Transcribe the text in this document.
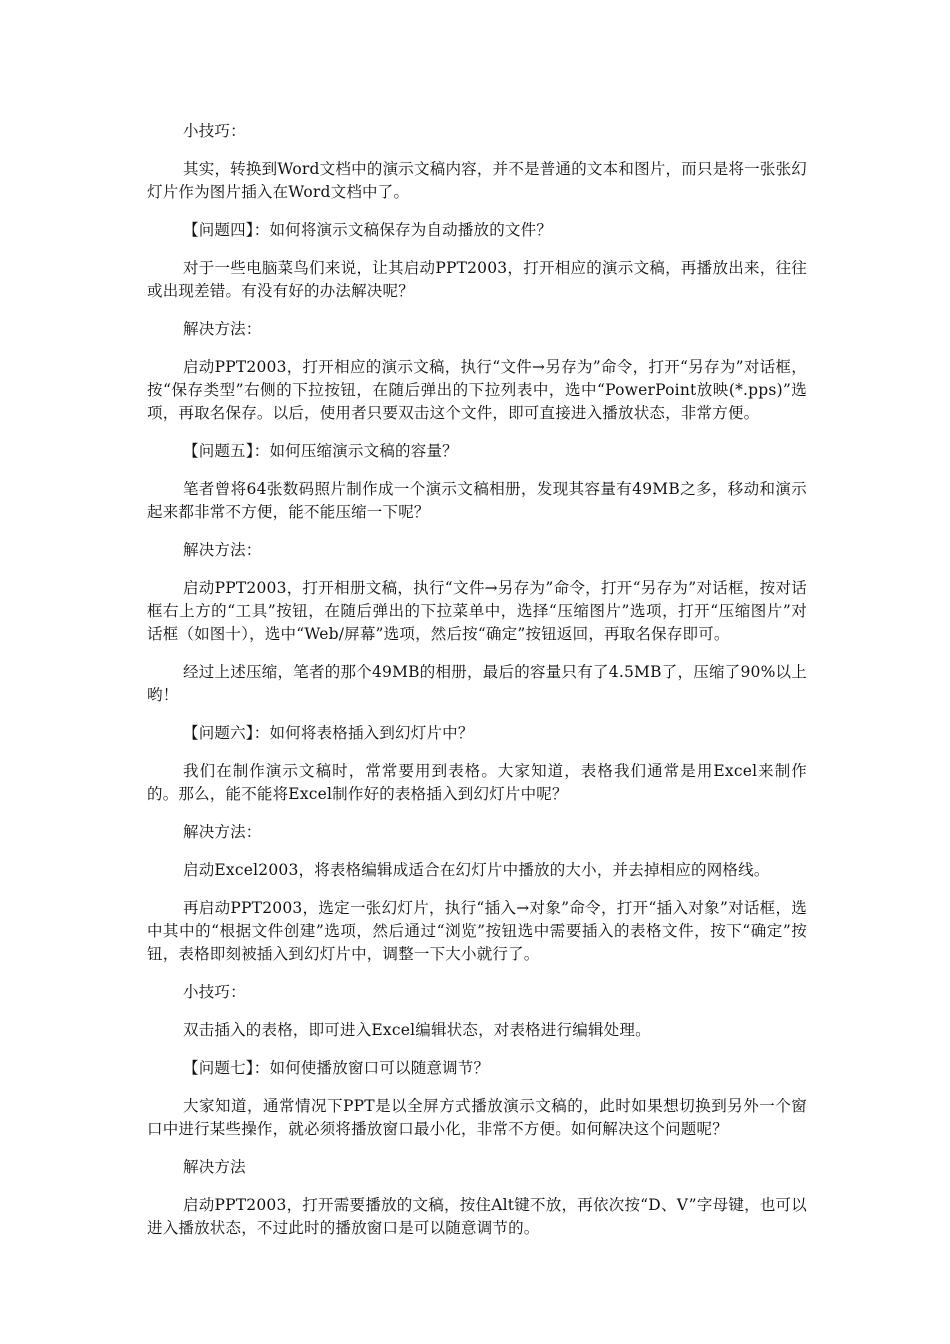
小技巧：

其实，转换到Word文档中的演示文稿内容，并不是普通的文本和图片，而只是将一张张幻灯片作为图片插入在Word文档中了。

【问题四】：如何将演示文稿保存为自动播放的文件？

对于一些电脑菜鸟们来说，让其启动PPT2003，打开相应的演示文稿，再播放出来，往往或出现差错。有没有好的办法解决呢？

解决方法：

启动PPT2003，打开相应的演示文稿，执行“文件→另存为”命令，打开“另存为”对话框，按“保存类型”右侧的下拉按钮，在随后弹出的下拉列表中，选中“PowerPoint放映(*.pps)”选项，再取名保存。以后，使用者只要双击这个文件，即可直接进入播放状态，非常方便。

【问题五】：如何压缩演示文稿的容量？

笔者曾将64张数码照片制作成一个演示文稿相册，发现其容量有49MB之多，移动和演示起来都非常不方便，能不能压缩一下呢？

解决方法：

启动PPT2003，打开相册文稿，执行“文件→另存为”命令，打开“另存为”对话框，按对话框右上方的“工具”按钮，在随后弹出的下拉菜单中，选择“压缩图片”选项，打开“压缩图片”对话框（如图十），选中“Web/屏幕”选项，然后按“确定”按钮返回，再取名保存即可。

经过上述压缩，笔者的那个49MB的相册，最后的容量只有了4.5MB了，压缩了90%以上哟！

【问题六】：如何将表格插入到幻灯片中？

我们在制作演示文稿时，常常要用到表格。大家知道，表格我们通常是用Excel来制作的。那么，能不能将Excel制作好的表格插入到幻灯片中呢？

解决方法：

启动Excel2003，将表格编辑成适合在幻灯片中播放的大小，并去掉相应的网格线。

再启动PPT2003，选定一张幻灯片，执行“插入→对象”命令，打开“插入对象”对话框，选中其中的“根据文件创建”选项，然后通过“浏览”按钮选中需要插入的表格文件，按下“确定”按钮，表格即刻被插入到幻灯片中，调整一下大小就行了。

小技巧：

双击插入的表格，即可进入Excel编辑状态，对表格进行编辑处理。

【问题七】：如何使播放窗口可以随意调节？

大家知道，通常情况下PPT是以全屏方式播放演示文稿的，此时如果想切换到另外一个窗口中进行某些操作，就必须将播放窗口最小化，非常不方便。如何解决这个问题呢？

解决方法

启动PPT2003，打开需要播放的文稿，按住Alt键不放，再依次按“D、V”字母键，也可以进入播放状态，不过此时的播放窗口是可以随意调节的。
